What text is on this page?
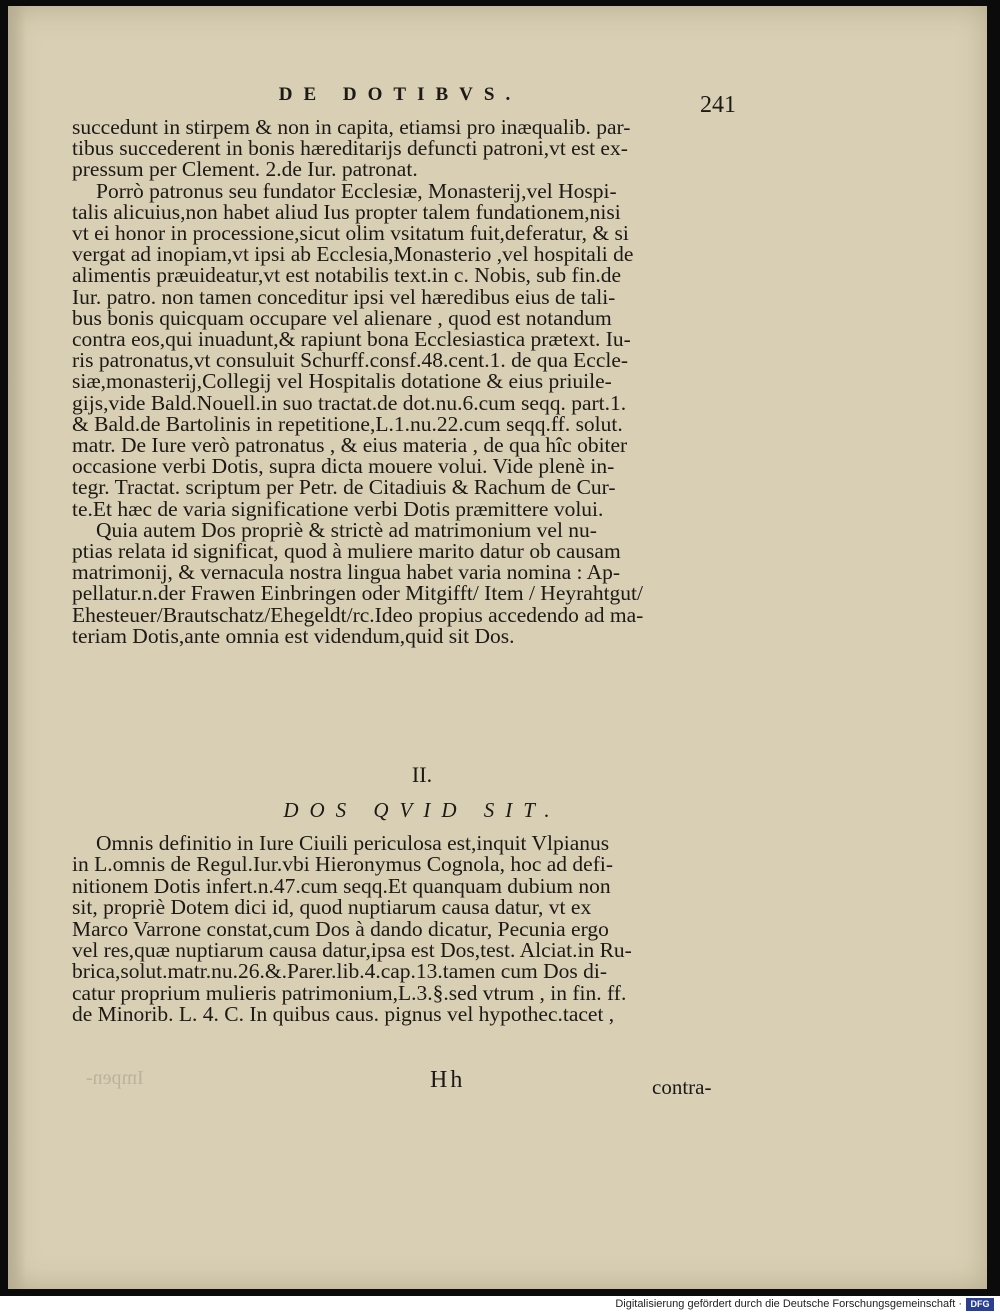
DE DOTIBVS.	241
succedunt in stirpem & non in capita, etiamsi pro inæqualib. par-
tibus succederent in bonis hæreditarijs defuncti patroni,vt est ex-
pressum per Clement. 2.de Iur. patronat.
Porrò patronus seu fundator Ecclesiæ, Monasterij,vel Hospi-
talis alicuius,non habet aliud Ius propter talem fundationem,nisi
vt ei honor in processione,sicut olim vsitatum fuit,deferatur, & si
vergat ad inopiam,vt ipsi ab Ecclesia,Monasterio ,vel hospitali de
alimentis præuideatur,vt est notabilis text.in c. Nobis, sub fin.de
Iur. patro. non tamen conceditur ipsi vel hæredibus eius de tali-
bus bonis quicquam occupare vel alienare , quod est notandum
contra eos,qui inuadunt,& rapiunt bona Ecclesiastica prætext. Iu-
ris patronatus,vt consuluit Schurff.consf.48.cent.1. de qua Eccle-
siæ,monasterij,Collegij vel Hospitalis dotatione & eius priuile-
gijs,vide Bald.Nouell.in suo tractat.de dot.nu.6.cum seqq. part.1.
& Bald.de Bartolinis in repetitione,L.1.nu.22.cum seqq.ff. solut.
matr. De Iure verò patronatus , & eius materia , de qua hîc obiter
occasione verbi Dotis, supra dicta mouere volui. Vide plenè in-
tegr. Tractat. scriptum per Petr. de Citadiuis & Rachum de Cur-
te.Et hæc de varia significatione verbi Dotis præmittere volui.
Quia autem Dos propriè & strictè ad matrimonium vel nu-
ptias relata id significat, quod à muliere marito datur ob causam
matrimonij, & vernacula nostra lingua habet varia nomina : Ap-
pellatur.n.der Frawen Einbringen oder Mitgifft/ Item / Heyrahtgut/
Ehesteuer/Brautschatz/Ehegeldt/rc.Ideo propius accedendo ad ma-
teriam Dotis,ante omnia est videndum,quid sit Dos.
II.
DOS QVID SIT.
Omnis definitio in Iure Ciuili periculosa est,inquit Vlpianus
in L.omnis de Regul.Iur.vbi Hieronymus Cognola, hoc ad defi-
nitionem Dotis infert.n.47.cum seqq.Et quanquam dubium non
sit, propriè Dotem dici id, quod nuptiarum causa datur, vt ex
Marco Varrone constat,cum Dos à dando dicatur, Pecunia ergo
vel res,quæ nuptiarum causa datur,ipsa est Dos,test. Alciat.in Ru-
brica,solut.matr.nu.26.&.Parer.lib.4.cap.13.tamen cum Dos di-
catur proprium mulieris patrimonium,L.3.§.sed vtrum , in fin. ff.
de Minorib. L. 4. C. In quibus caus. pignus vel hypothec.tacet ,
Impen-	Hh	contra-
Digitalisierung gefördert durch die Deutsche Forschungsgemeinschaft · DFG
